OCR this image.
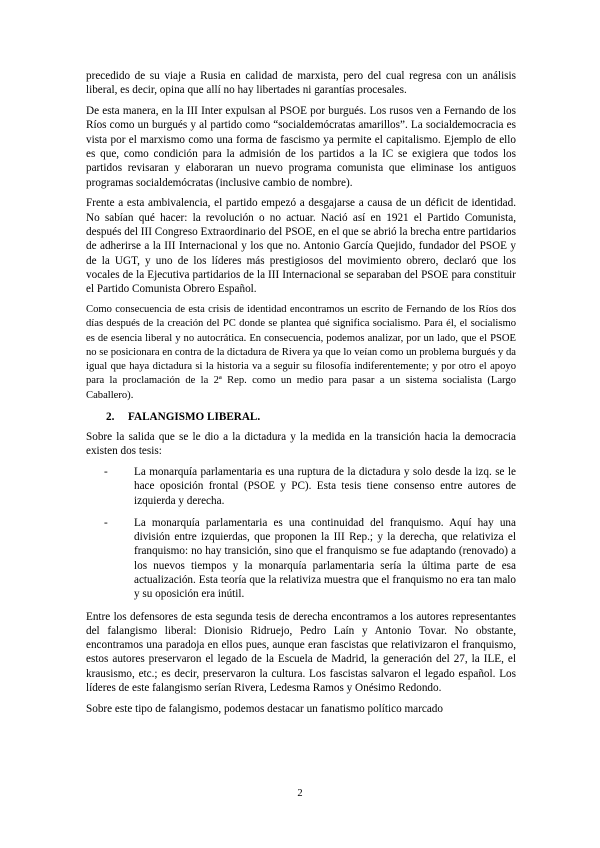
precedido de su viaje a Rusia en calidad de marxista, pero del cual regresa con un análisis liberal, es decir, opina que allí no hay libertades ni garantías procesales.

De esta manera, en la III Inter expulsan al PSOE por burgués. Los rusos ven a Fernando de los Ríos como un burgués y al partido como “socialdemócratas amarillos”. La socialdemocracia es vista por el marxismo como una forma de fascismo ya permite el capitalismo. Ejemplo de ello es que, como condición para la admisión de los partidos a la IC se exigiera que todos los partidos revisaran y elaboraran un nuevo programa comunista que eliminase los antiguos programas socialdemócratas (inclusive cambio de nombre).

Frente a esta ambivalencia, el partido empezó a desgajarse a causa de un déficit de identidad. No sabían qué hacer: la revolución o no actuar. Nació así en 1921 el Partido Comunista, después del III Congreso Extraordinario del PSOE, en el que se abrió la brecha entre partidarios de adherirse a la III Internacional y los que no. Antonio García Quejido, fundador del PSOE y de la UGT, y uno de los líderes más prestigiosos del movimiento obrero, declaró que los vocales de la Ejecutiva partidarios de la III Internacional se separaban del PSOE para constituir el Partido Comunista Obrero Español.

Como consecuencia de esta crisis de identidad encontramos un escrito de Fernando de los Ríos dos días después de la creación del PC donde se plantea qué significa socialismo. Para él, el socialismo es de esencia liberal y no autocrática. En consecuencia, podemos analizar, por un lado, que el PSOE no se posicionara en contra de la dictadura de Rivera ya que lo veían como un problema burgués y da igual que haya dictadura si la historia va a seguir su filosofía indiferentemente; y por otro el apoyo para la proclamación de la 2ª Rep. como un medio para pasar a un sistema socialista (Largo Caballero).

2.	FALANGISMO LIBERAL.

Sobre la salida que se le dio a la dictadura y la medida en la transición hacia la democracia existen dos tesis:

-	La monarquía parlamentaria es una ruptura de la dictadura y solo desde la izq. se le hace oposición frontal (PSOE y PC). Esta tesis tiene consenso entre autores de izquierda y derecha.
-	La monarquía parlamentaria es una continuidad del franquismo. Aquí hay una división entre izquierdas, que proponen la III Rep.; y la derecha, que relativiza el franquismo: no hay transición, sino que el franquismo se fue adaptando (renovado) a los nuevos tiempos y la monarquía parlamentaria sería la última parte de esa actualización. Esta teoría que la relativiza muestra que el franquismo no era tan malo y su oposición era inútil.

Entre los defensores de esta segunda tesis de derecha encontramos a los autores representantes del falangismo liberal: Dionisio Ridruejo, Pedro Laín y Antonio Tovar. No obstante, encontramos una paradoja en ellos pues, aunque eran fascistas que relativizaron el franquismo, estos autores preservaron el legado de la Escuela de Madrid, la generación del 27, la ILE, el krausismo, etc.; es decir, preservaron la cultura. Los fascistas salvaron el legado español. Los líderes de este falangismo serían Rivera, Ledesma Ramos y Onésimo Redondo.

Sobre este tipo de falangismo, podemos destacar un fanatismo político marcado

2
